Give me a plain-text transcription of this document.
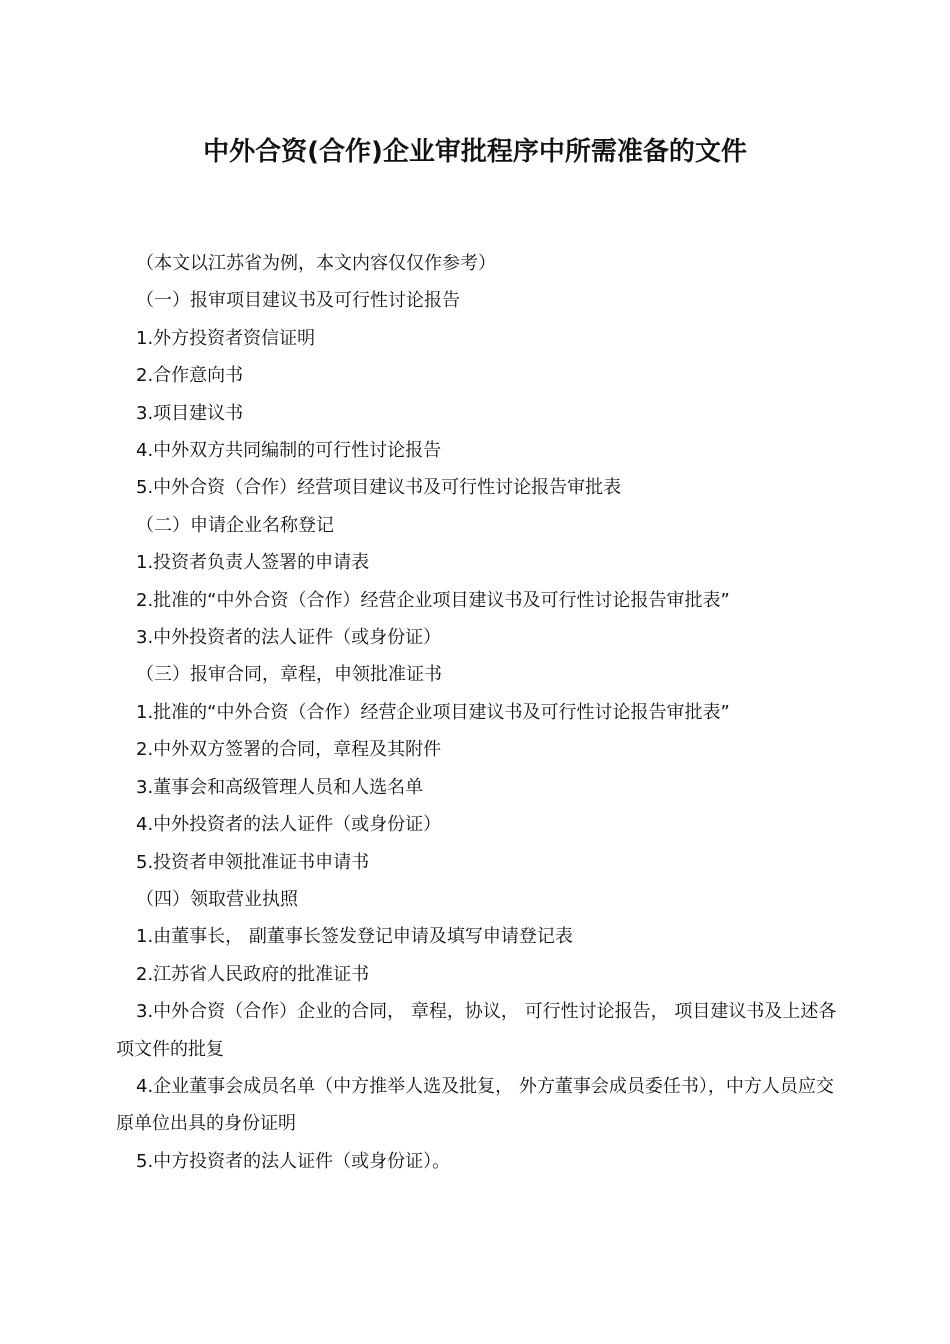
中外合资(合作)企业审批程序中所需准备的文件

（本文以江苏省为例，本文内容仅仅作参考）

（一）报审项目建议书及可行性讨论报告

1.外方投资者资信证明

2.合作意向书

3.项目建议书

4.中外双方共同编制的可行性讨论报告

5.中外合资（合作）经营项目建议书及可行性讨论报告审批表

（二）申请企业名称登记

1.投资者负责人签署的申请表

2.批准的“中外合资（合作）经营企业项目建议书及可行性讨论报告审批表”

3.中外投资者的法人证件（或身份证）

（三）报审合同，章程，申领批准证书

1.批准的“中外合资（合作）经营企业项目建议书及可行性讨论报告审批表”

2.中外双方签署的合同，章程及其附件

3.董事会和高级管理人员和人选名单

4.中外投资者的法人证件（或身份证）

5.投资者申领批准证书申请书

（四）领取营业执照

1.由董事长， 副董事长签发登记申请及填写申请登记表

2.江苏省人民政府的批准证书

3.中外合资（合作）企业的合同， 章程，协议， 可行性讨论报告， 项目建议书及上述各项文件的批复

4.企业董事会成员名单（中方推举人选及批复， 外方董事会成员委任书），中方人员应交原单位出具的身份证明

5.中方投资者的法人证件（或身份证）。
